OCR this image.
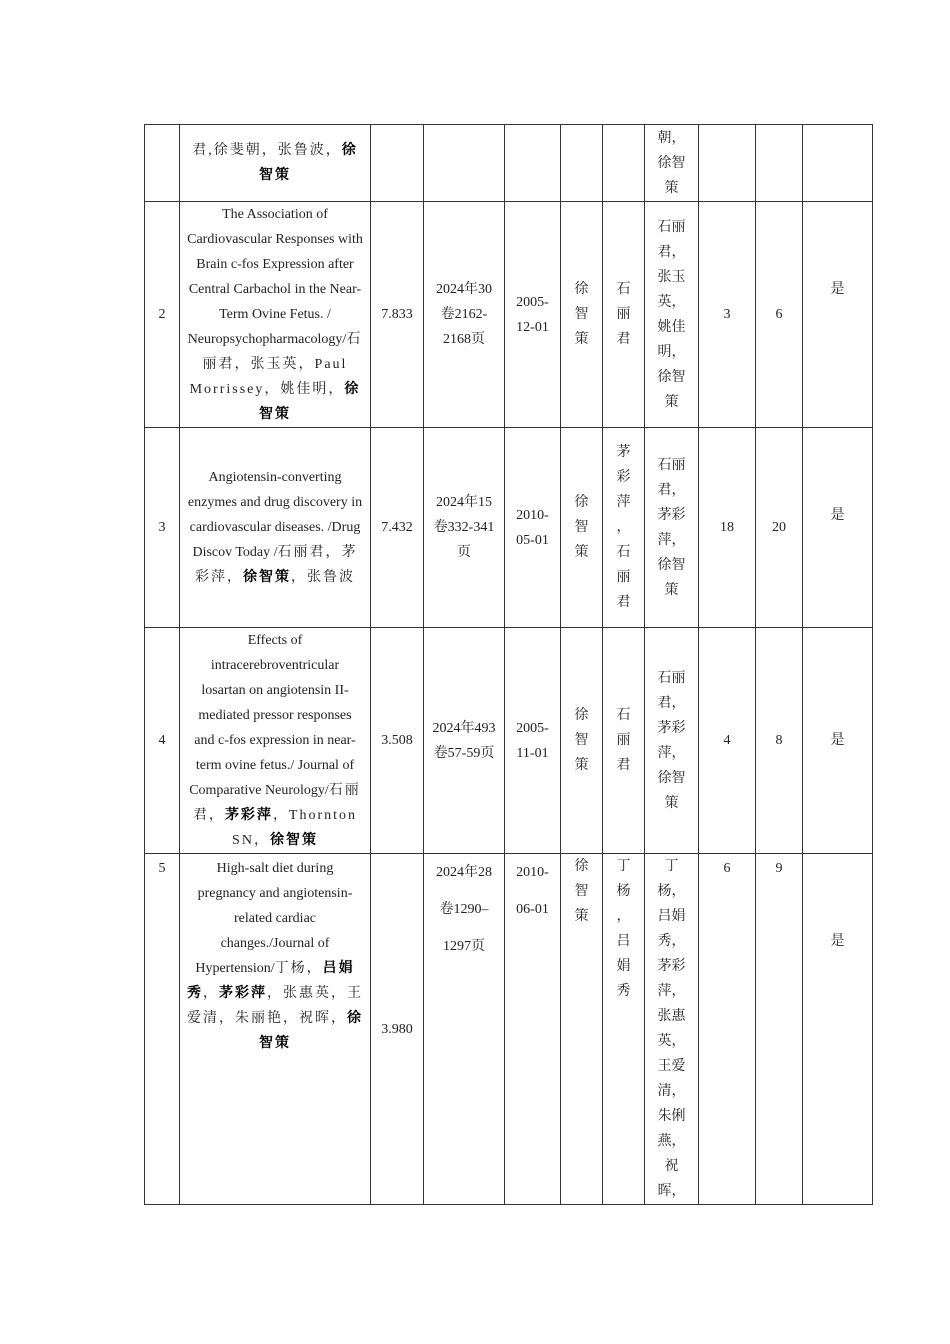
	君,徐斐朝，张鲁波，徐智策						朝，徐智策			
2	The Association of Cardiovascular Responses with Brain c-fos Expression after Central Carbachol in the Near-Term Ovine Fetus. / Neuropsychopharmacology/石丽君，张玉英，Paul Morrissey，姚佳明，徐智策	7.833	2024年30卷2162-2168页	2005-12-01	徐智策	石丽君	石丽君，张玉英，姚佳明，徐智策	3	6	是
3	Angiotensin-converting enzymes and drug discovery in cardiovascular diseases. /Drug Discov Today /石丽君，茅彩萍，徐智策，张鲁波	7.432	2024年15卷332-341页	2010-05-01	徐智策	茅彩萍，石丽君	石丽君，茅彩萍，徐智策	18	20	是
4	Effects of intracerebroventricular losartan on angiotensin II-mediated pressor responses and c-fos expression in near-term ovine fetus./ Journal of Comparative Neurology/石丽君，茅彩萍，Thornton SN，徐智策	3.508	2024年493卷57-59页	2005-11-01	徐智策	石丽君	石丽君，茅彩萍，徐智策	4	8	是
5	High-salt diet during pregnancy and angiotensin-related cardiac changes./Journal of Hypertension/丁杨，吕娟秀，茅彩萍，张惠英，王爱清，朱丽艳，祝晖，徐智策	3.980	2024年28卷1290–1297页	2010-06-01	徐智策	丁杨，吕娟秀	丁杨，吕娟秀，茅彩萍，张惠英，王爱清，朱俐燕，祝晖，	6	9	是
